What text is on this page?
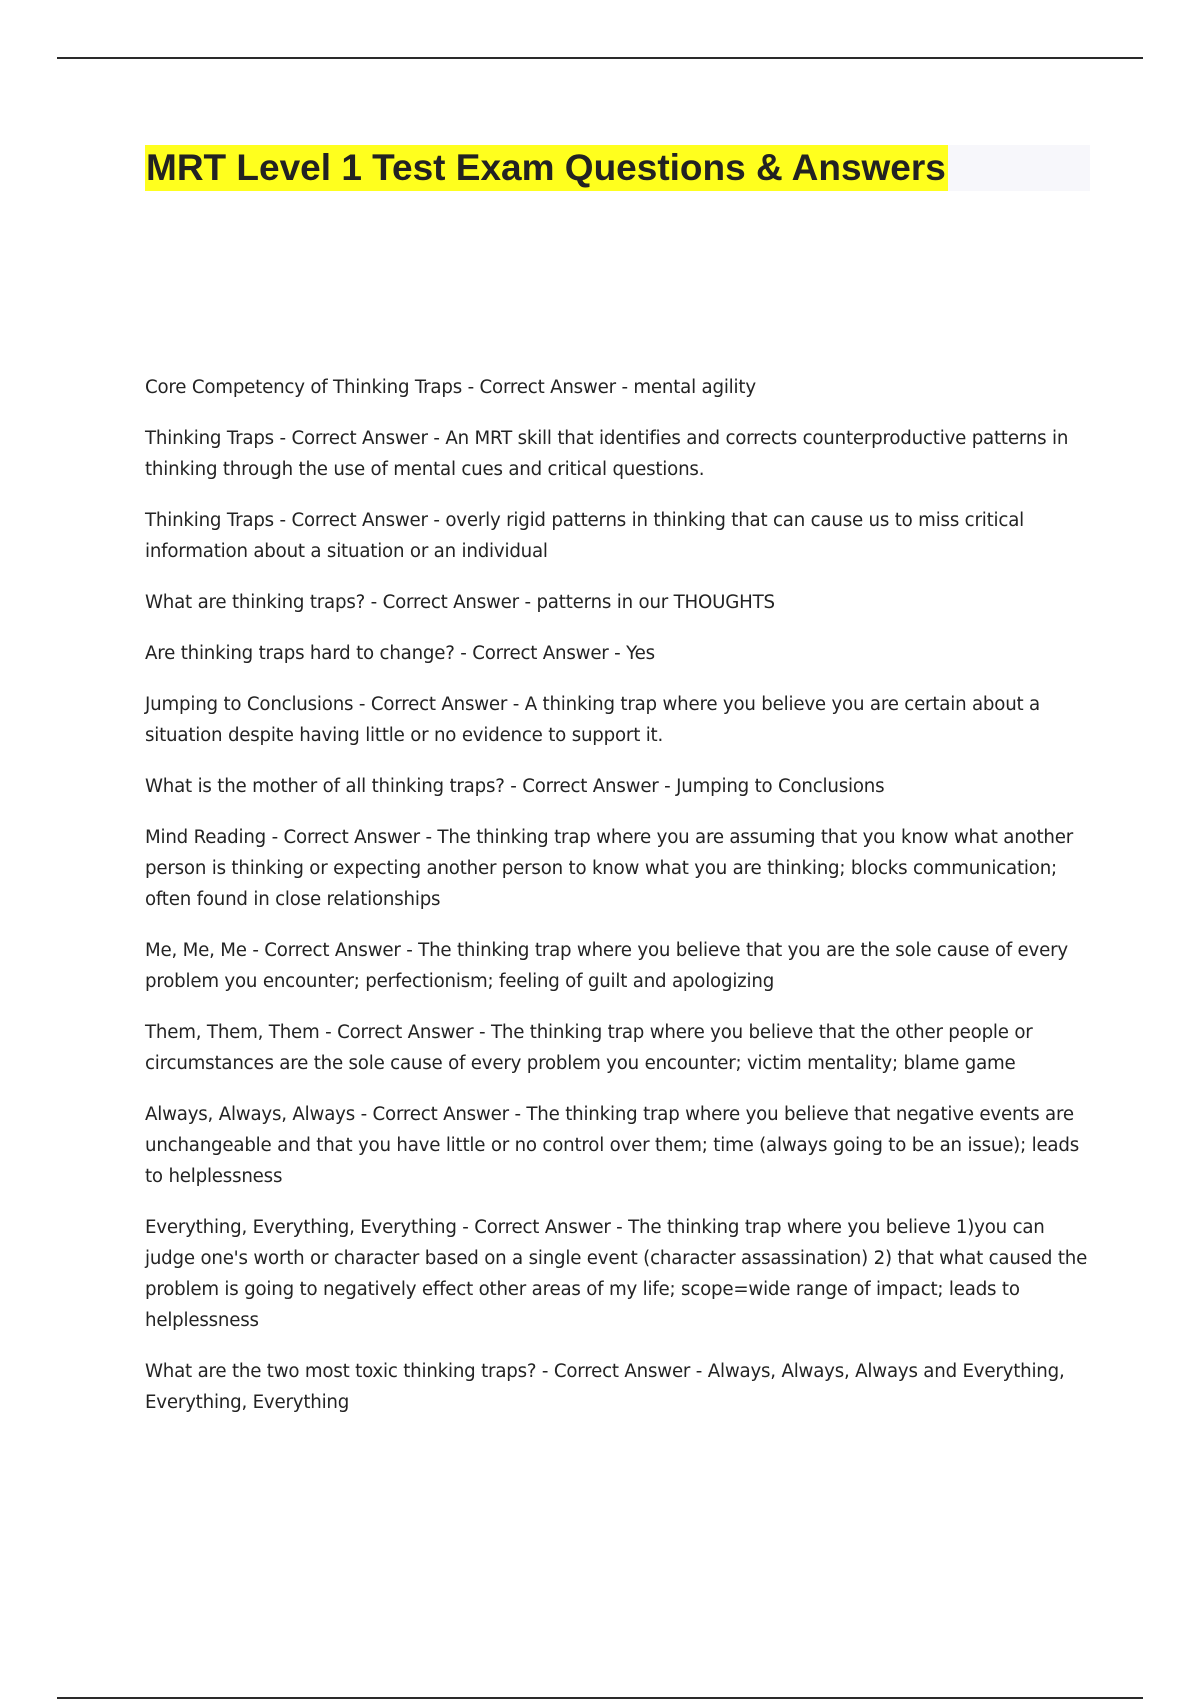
MRT Level 1 Test Exam Questions & Answers
Core Competency of Thinking Traps - Correct Answer - mental agility
Thinking Traps - Correct Answer - An MRT skill that identifies and corrects counterproductive patterns in thinking through the use of mental cues and critical questions.
Thinking Traps - Correct Answer - overly rigid patterns in thinking that can cause us to miss critical information about a situation or an individual
What are thinking traps? - Correct Answer - patterns in our THOUGHTS
Are thinking traps hard to change? - Correct Answer - Yes
Jumping to Conclusions - Correct Answer - A thinking trap where you believe you are certain about a situation despite having little or no evidence to support it.
What is the mother of all thinking traps? - Correct Answer - Jumping to Conclusions
Mind Reading - Correct Answer - The thinking trap where you are assuming that you know what another person is thinking or expecting another person to know what you are thinking; blocks communication; often found in close relationships
Me, Me, Me - Correct Answer - The thinking trap where you believe that you are the sole cause of every problem you encounter; perfectionism; feeling of guilt and apologizing
Them, Them, Them - Correct Answer - The thinking trap where you believe that the other people or circumstances are the sole cause of every problem you encounter; victim mentality; blame game
Always, Always, Always - Correct Answer - The thinking trap where you believe that negative events are unchangeable and that you have little or no control over them; time (always going to be an issue); leads to helplessness
Everything, Everything, Everything - Correct Answer - The thinking trap where you believe 1)you can judge one's worth or character based on a single event (character assassination) 2) that what caused the problem is going to negatively effect other areas of my life; scope=wide range of impact; leads to helplessness
What are the two most toxic thinking traps? - Correct Answer - Always, Always, Always and Everything, Everything, Everything
